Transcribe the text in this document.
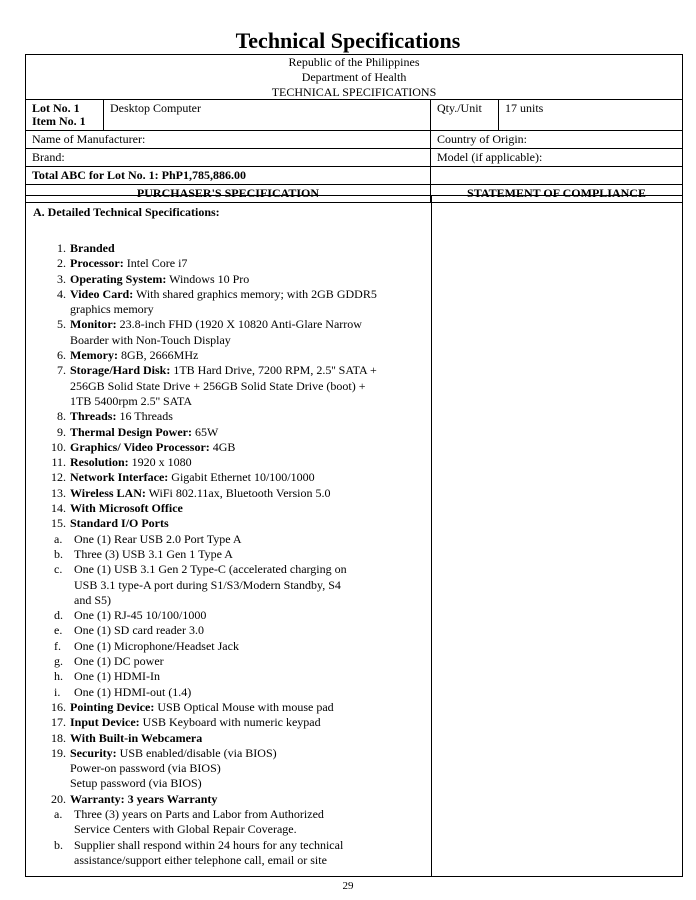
Technical Specifications
Republic of the Philippines
Department of Health
TECHNICAL SPECIFICATIONS
Lot No. 1
Item No. 1	Desktop Computer	Qty./Unit	17 units
Name of Manufacturer:		Country of Origin:	
Brand:		Model (if applicable):	
Total ABC for Lot No. 1: PhP1,785,886.00			
PURCHASER'S SPECIFICATION		STATEMENT OF COMPLIANCE	
A. Detailed Technical Specifications:
1. Branded
2. Processor: Intel Core i7
3. Operating System: Windows 10 Pro
4. Video Card: With shared graphics memory; with 2GB GDDR5
graphics memory
5. Monitor: 23.8-inch FHD (1920 X 10820 Anti-Glare Narrow
Boarder with Non-Touch Display
6. Memory: 8GB, 2666MHz
7. Storage/Hard Disk: 1TB Hard Drive, 7200 RPM, 2.5'' SATA +
256GB Solid State Drive + 256GB Solid State Drive (boot) +
1TB 5400rpm 2.5'' SATA
8. Threads: 16 Threads
9. Thermal Design Power: 65W
10. Graphics/ Video Processor: 4GB
11. Resolution: 1920 x 1080
12. Network Interface: Gigabit Ethernet 10/100/1000
13. Wireless LAN: WiFi 802.11ax, Bluetooth Version 5.0
14. With Microsoft Office
15. Standard I/O Ports
a. One (1) Rear USB 2.0 Port Type A
b. Three (3) USB 3.1 Gen 1 Type A
c. One (1) USB 3.1 Gen 2 Type-C (accelerated charging on
USB 3.1 type-A port during S1/S3/Modern Standby, S4
and S5)
d. One (1) RJ-45 10/100/1000
e. One (1) SD card reader 3.0
f. One (1) Microphone/Headset Jack
g. One (1) DC power
h. One (1) HDMI-In
i. One (1) HDMI-out (1.4)
16. Pointing Device: USB Optical Mouse with mouse pad
17. Input Device: USB Keyboard with numeric keypad
18. With Built-in Webcamera
19. Security: USB enabled/disable (via BIOS)
Power-on password (via BIOS)
Setup password (via BIOS)
20. Warranty: 3 years Warranty
a. Three (3) years on Parts and Labor from Authorized
Service Centers with Global Repair Coverage.
b. Supplier shall respond within 24 hours for any technical
assistance/support either telephone call, email or site
29
